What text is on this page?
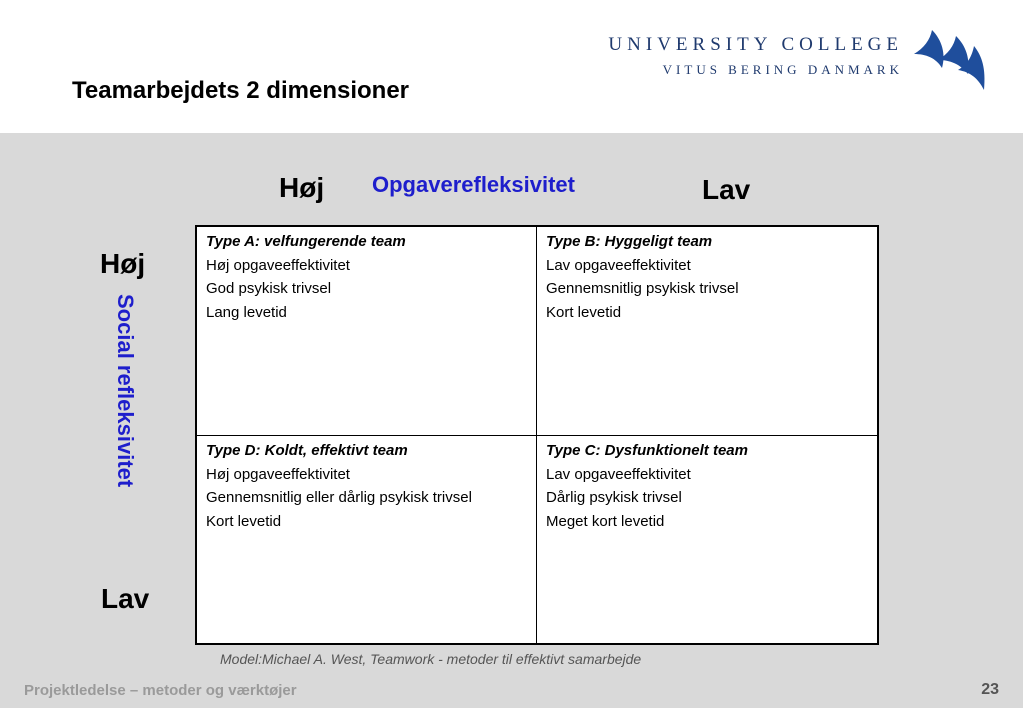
Teamarbejdets 2 dimensioner
UNIVERSITY COLLEGE
VITUS BERING DANMARK
Høj Opgaverefleksivitet	Lav
Høj
Social refleksivitet
Lav
Type A: velfungerende team
Høj opgaveeffektivitet
God psykisk trivsel
Lang levetid
Type B: Hyggeligt team
Lav opgaveeffektivitet
Gennemsnitlig psykisk trivsel
Kort levetid
Type D: Koldt, effektivt team
Høj opgaveeffektivitet
Gennemsnitlig eller dårlig psykisk trivsel
Kort levetid
Type C: Dysfunktionelt team
Lav opgaveeffektivitet
Dårlig psykisk trivsel
Meget kort levetid
Model:Michael A. West, Teamwork - metoder til effektivt samarbejde
Projektledelse – metoder og værktøjer	23
